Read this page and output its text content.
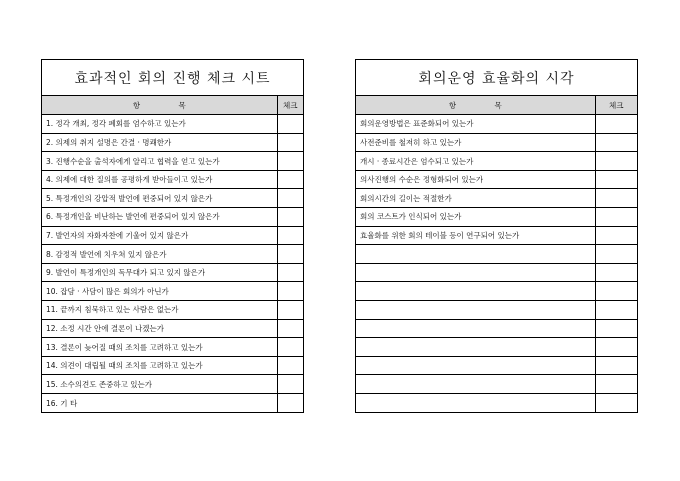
효과적인 회의 진행 체크 시트
항 목	체크
1. 정각 개최, 정각 폐회를 엄수하고 있는가	
2. 의제의 취지 설명은 간결 · 명쾌한가	
3. 진행수순을 출석자에게 알리고 협력을 얻고 있는가	
4. 의제에 대한 질의를 공평하게 받아들이고 있는가	
5. 특정개인의 강압적 발언에 편중되어 있지 않은가	
6. 특정개인을 비난하는 발언에 편중되어 있지 않은가	
7. 발언자의 자화자찬에 기울어 있지 않은가	
8. 감정적 발언에 치우쳐 있지 않은가	
9. 발언이 특정개인의 독무대가 되고 있지 않은가	
10. 잡담 · 사담이 많은 회의가 아닌가	
11. 끝까지 침묵하고 있는 사람은 없는가	
12. 소정 시간 안에 결론이 나겠는가	
13. 결론이 늦어질 때의 조치를 고려하고 있는가	
14. 의견이 대립될 때의 조치를 고려하고 있는가	
15. 소수의견도 존중하고 있는가	
16. 기 타	
회의운영 효율화의 시각
항 목	체크
회의운영방법은 표준화되어 있는가	
사전준비를 철저히 하고 있는가	
개시 · 종료시간은 엄수되고 있는가	
의사진행의 수순은 정형화되어 있는가	
회의시간의 길이는 적절한가	
회의 코스트가 인식되어 있는가	
효율화를 위한 회의 테이블 등이 연구되어 있는가	
